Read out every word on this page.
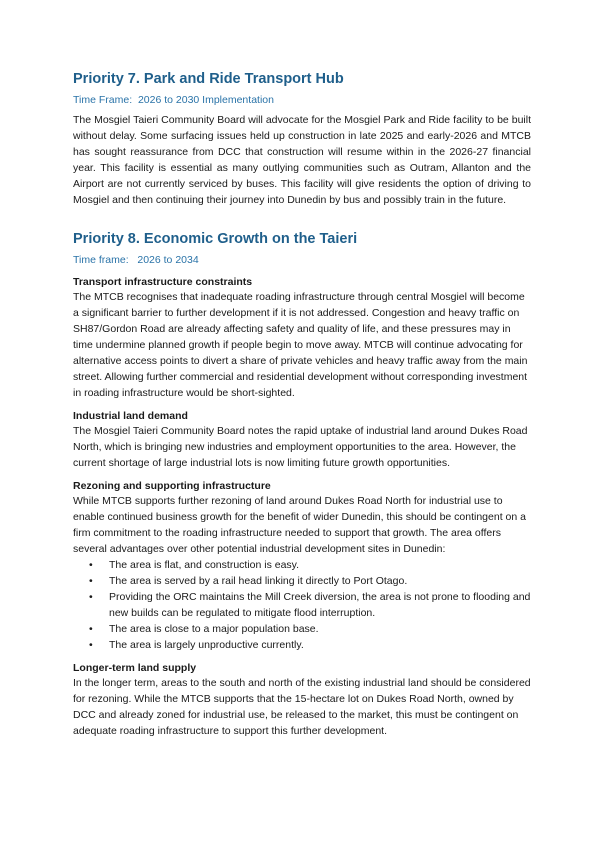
Priority 7. Park and Ride Transport Hub
Time Frame:  2026 to 2030 Implementation

The Mosgiel Taieri Community Board will advocate for the Mosgiel Park and Ride facility to be built without delay. Some surfacing issues held up construction in late 2025 and early-2026 and MTCB has sought reassurance from DCC that construction will resume within in the 2026-27 financial year. This facility is essential as many outlying communities such as Outram, Allanton and the Airport are not currently serviced by buses. This facility will give residents the option of driving to Mosgiel and then continuing their journey into Dunedin by bus and possibly train in the future.

Priority 8. Economic Growth on the Taieri
Time frame:   2026 to 2034
Transport infrastructure constraints

The MTCB recognises that inadequate roading infrastructure through central Mosgiel will become a significant barrier to further development if it is not addressed. Congestion and heavy traffic on SH87/Gordon Road are already affecting safety and quality of life, and these pressures may in time undermine planned growth if people begin to move away. MTCB will continue advocating for alternative access points to divert a share of private vehicles and heavy traffic away from the main street. Allowing further commercial and residential development without corresponding investment in roading infrastructure would be short-sighted.

Industrial land demand

The Mosgiel Taieri Community Board notes the rapid uptake of industrial land around Dukes Road North, which is bringing new industries and employment opportunities to the area. However, the current shortage of large industrial lots is now limiting future growth opportunities.

Rezoning and supporting infrastructure

While MTCB supports further rezoning of land around Dukes Road North for industrial use to enable continued business growth for the benefit of wider Dunedin, this should be contingent on a firm commitment to the roading infrastructure needed to support that growth. The area offers several advantages over other potential industrial development sites in Dunedin:

• The area is flat, and construction is easy.
• The area is served by a rail head linking it directly to Port Otago.
• Providing the ORC maintains the Mill Creek diversion, the area is not prone to flooding and new builds can be regulated to mitigate flood interruption.
• The area is close to a major population base.
• The area is largely unproductive currently.
Longer-term land supply

In the longer term, areas to the south and north of the existing industrial land should be considered for rezoning. While the MTCB supports that the 15-hectare lot on Dukes Road North, owned by DCC and already zoned for industrial use, be released to the market, this must be contingent on adequate roading infrastructure to support this further development.
